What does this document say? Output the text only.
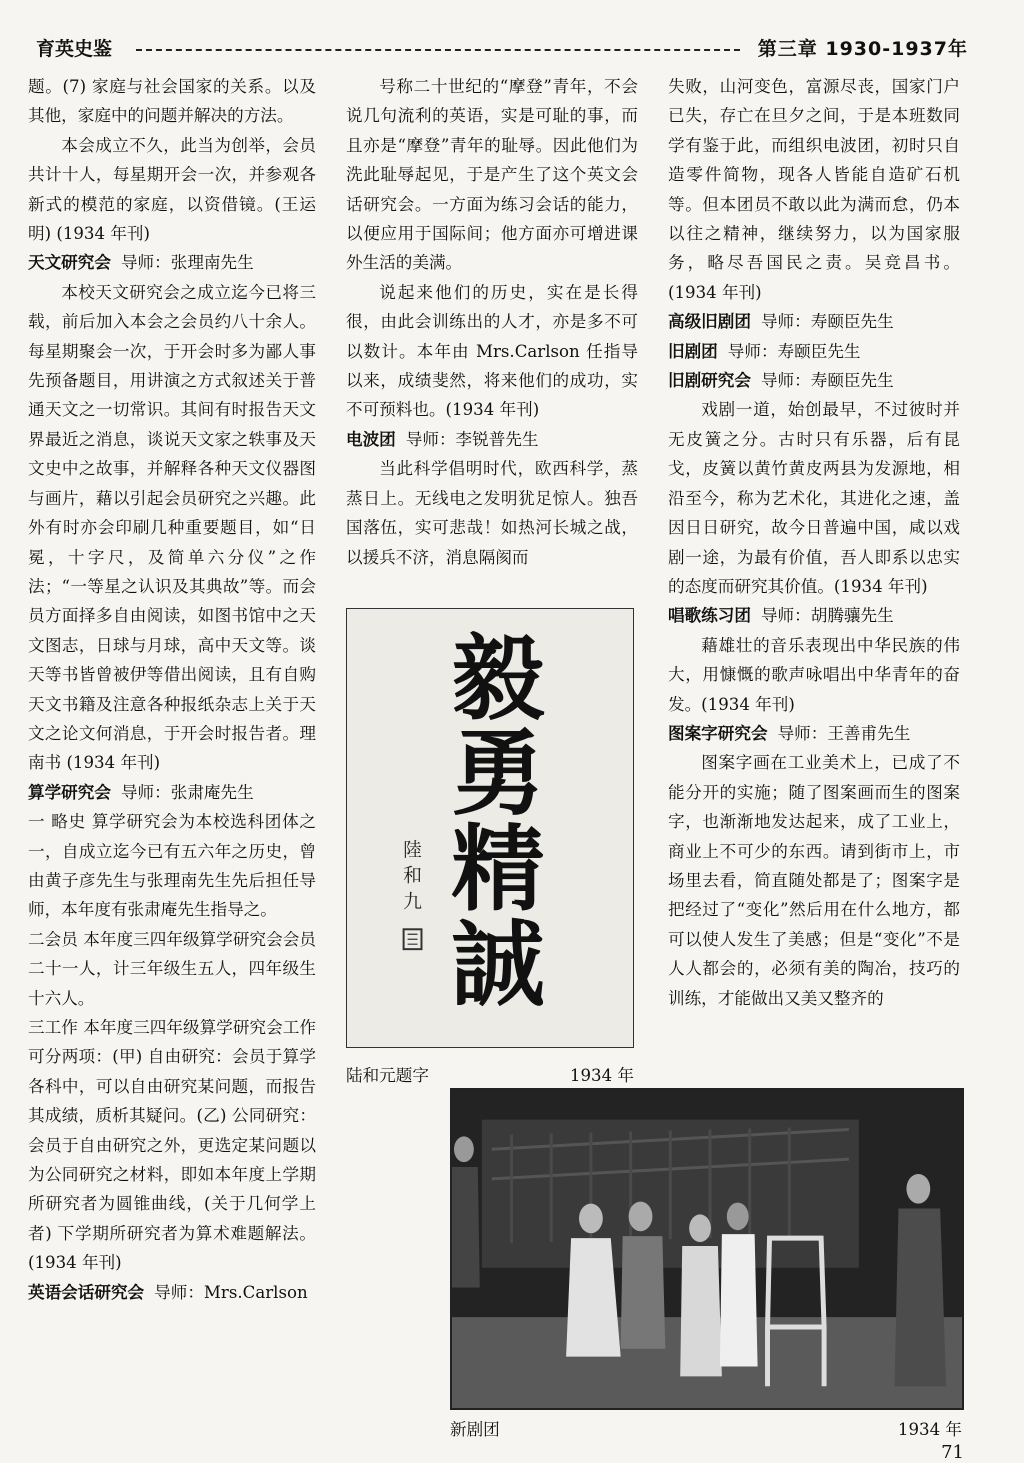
育英史鉴	第三章 1930-1937年

题。(7) 家庭与社会国家的关系。以及其他，家庭中的问题并解决的方法。

本会成立不久，此当为创举，会员共计十人，每星期开会一次，并参观各新式的模范的家庭，以资借镜。(王运明) (1934 年刊)

天文研究会 导师：张理南先生

本校天文研究会之成立迄今已将三载，前后加入本会之会员约八十余人。每星期聚会一次，于开会时多为鄙人事先预备题目，用讲演之方式叙述关于普通天文之一切常识。其间有时报告天文界最近之消息，谈说天文家之轶事及天文史中之故事，并解释各种天文仪器图与画片，藉以引起会员研究之兴趣。此外有时亦会印刷几种重要题目，如“日冕，十字尺，及简单六分仪”之作法；“一等星之认识及其典故”等。而会员方面择多自由阅读，如图书馆中之天文图志，日球与月球，高中天文等。谈天等书皆曾被伊等借出阅读，且有自购天文书籍及注意各种报纸杂志上关于天文之论文何消息，于开会时报告者。理南书 (1934 年刊)

算学研究会 导师：张肃庵先生

一 略史 算学研究会为本校选科团体之一，自成立迄今已有五六年之历史，曾由黄子彦先生与张理南先生先后担任导师，本年度有张肃庵先生指导之。

二会员 本年度三四年级算学研究会会员二十一人，计三年级生五人，四年级生十六人。

三工作 本年度三四年级算学研究会工作可分两项：(甲) 自由研究：会员于算学各科中，可以自由研究某问题，而报告其成绩，质析其疑问。(乙) 公同研究：会员于自由研究之外，更选定某问题以为公同研究之材料，即如本年度上学期所研究者为圆锥曲线，(关于几何学上者) 下学期所研究者为算术难题解法。(1934 年刊)

英语会话研究会 导师：Mrs.Carlson

号称二十世纪的“摩登”青年，不会说几句流利的英语，实是可耻的事，而且亦是“摩登”青年的耻辱。因此他们为洗此耻辱起见，于是产生了这个英文会话研究会。一方面为练习会话的能力，以便应用于国际间；他方面亦可增进课外生活的美满。

说起来他们的历史，实在是长得很，由此会训练出的人才，亦是多不可以数计。本年由 Mrs.Carlson 任指导以来，成绩斐然，将来他们的成功，实不可预料也。(1934 年刊)

电波团 导师：李锐普先生

当此科学倡明时代，欧西科学，蒸蒸日上。无线电之发明犹足惊人。独吾国落伍，实可悲哉！如热河长城之战，以援兵不济，消息隔阂而

失败，山河变色，富源尽丧，国家门户已失，存亡在旦夕之间，于是本班数同学有鉴于此，而组织电波团，初时只自造零件简物，现各人皆能自造矿石机等。但本团员不敢以此为满而怠，仍本以往之精神，继续努力，以为国家服务，略尽吾国民之责。吴竞昌书。(1934 年刊)

高级旧剧团 导师：寿颐臣先生
旧剧团 导师：寿颐臣先生
旧剧研究会 导师：寿颐臣先生

戏剧一道，始创最早，不过彼时并无皮簧之分。古时只有乐器，后有昆戈，皮簧以黄竹黄皮两县为发源地，相沿至今，称为艺术化，其进化之速，盖因日日研究，故今日普遍中国，咸以戏剧一途，为最有价值，吾人即系以忠实的态度而研究其价值。(1934 年刊)

唱歌练习团 导师：胡腾骧先生

藉雄壮的音乐表现出中华民族的伟大，用慷慨的歌声咏唱出中华青年的奋发。(1934 年刊)

图案字研究会 导师：王善甫先生

图案字画在工业美术上，已成了不能分开的实施；随了图案画而生的图案字，也渐渐地发达起来，成了工业上，商业上不可少的东西。请到街市上，市场里去看，简直随处都是了；图案字是把经过了“变化”然后用在什么地方，都可以使人发生了美感；但是“变化”不是人人都会的，必须有美的陶冶，技巧的训练，才能做出又美又整齐的

毅
勇
精
誠
陸
和
九
陆和元题字	1934 年
新剧团	1934 年
71
